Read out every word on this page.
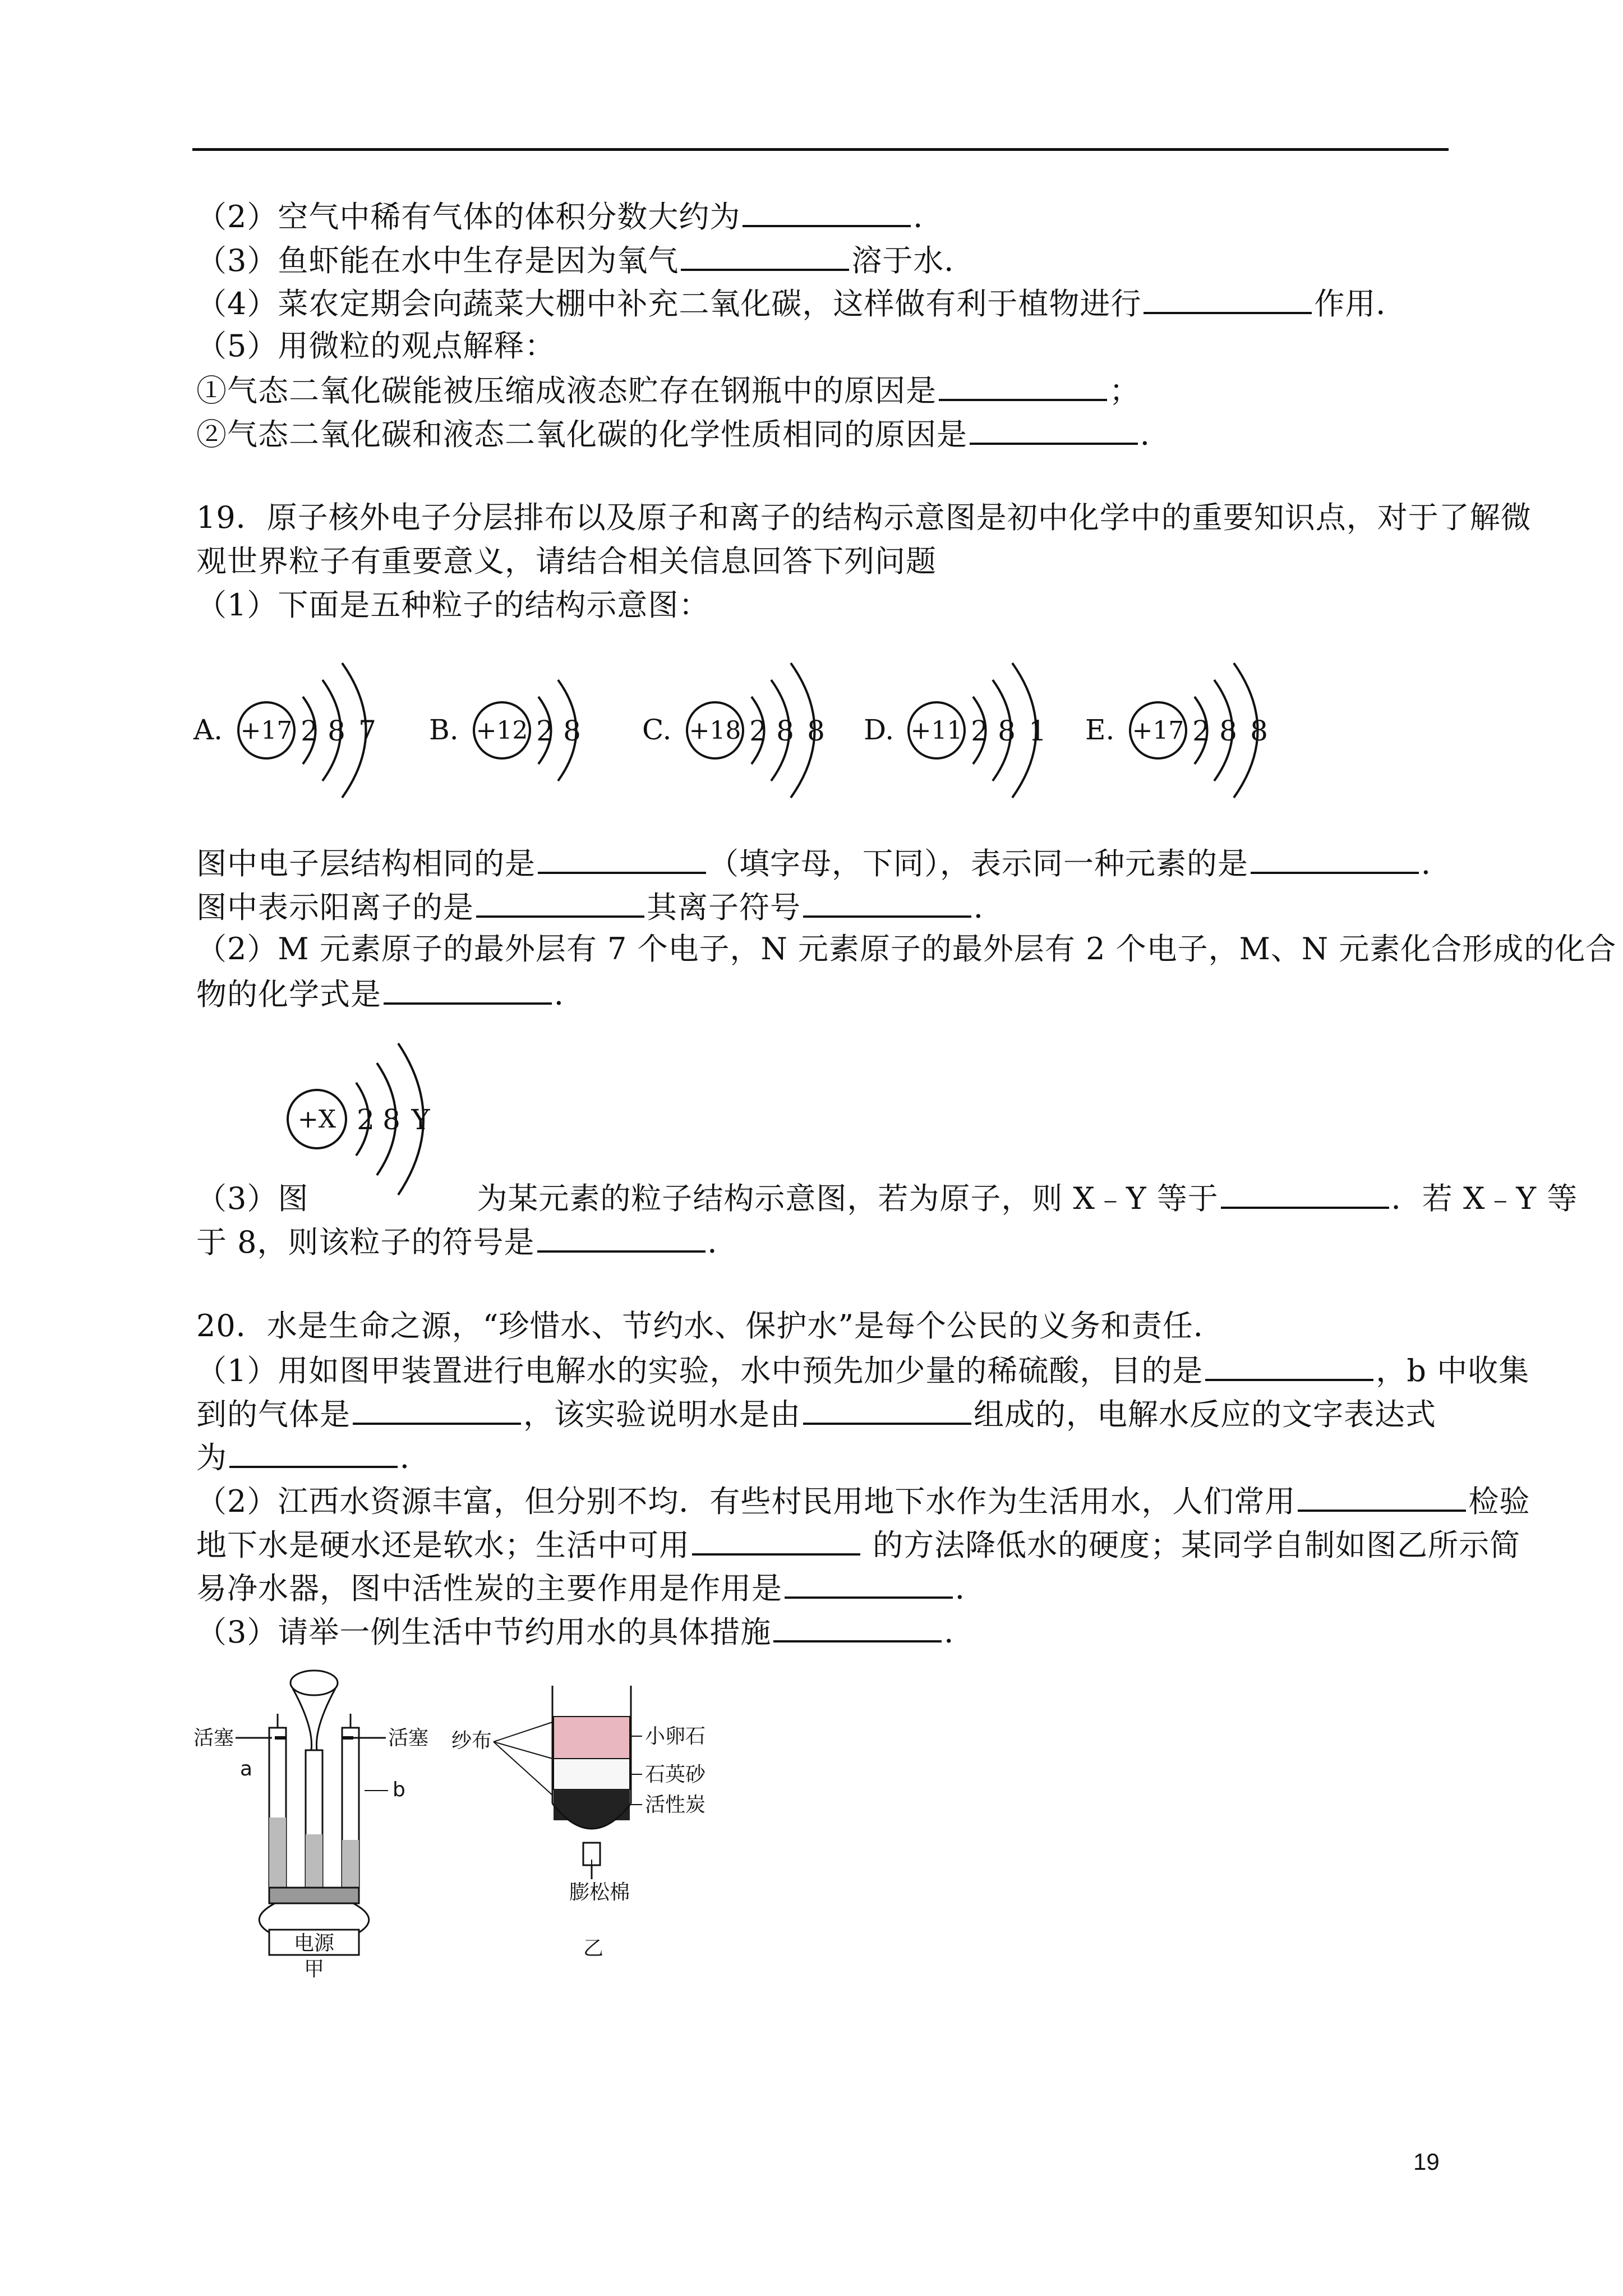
（2）空气中稀有气体的体积分数大约为	．
（3）鱼虾能在水中生存是因为氧气	溶于水．
（4）菜农定期会向蔬菜大棚中补充二氧化碳，这样做有利于植物进行	作用．
（5）用微粒的观点解释：
①气态二氧化碳能被压缩成液态贮存在钢瓶中的原因是	；
②气态二氧化碳和液态二氧化碳的化学性质相同的原因是	．
19．原子核外电子分层排布以及原子和离子的结构示意图是初中化学中的重要知识点，对于了解微
观世界粒子有重要意义，请结合相关信息回答下列问题
（1）下面是五种粒子的结构示意图：
A. +17 2 8 7 B. +12 2 8 C. +18 2 8 8 D. +11 2 8 1 E. +17 2 8 8
图中电子层结构相同的是	（填字母，下同），表示同一种元素的是	．
图中表示阳离子的是	其离子符号	．
（2）M 元素原子的最外层有 7 个电子，N 元素原子的最外层有 2 个电子，M、N 元素化合形成的化合
物的化学式是	．
+X 2 8 Y
（3）图	为某元素的粒子结构示意图，若为原子，则 X﹣Y 等于	．若 X﹣Y 等
于 8，则该粒子的符号是	．
20．水是生命之源，“珍惜水、节约水、保护水”是每个公民的义务和责任．
（1）用如图甲装置进行电解水的实验，水中预先加少量的稀硫酸，目的是	，b 中收集
到的气体是	，该实验说明水是由	组成的，电解水反应的文字表达式
为	．
（2）江西水资源丰富，但分别不均．有些村民用地下水作为生活用水，人们常用	检验
地下水是硬水还是软水；生活中可用	的方法降低水的硬度；某同学自制如图乙所示简
易净水器，图中活性炭的主要作用是作用是	．
（3）请举一例生活中节约用水的具体措施	．
活塞	活塞
a
b
电源
甲
纱布	小卵石
石英砂
活性炭
膨松棉
乙
19
